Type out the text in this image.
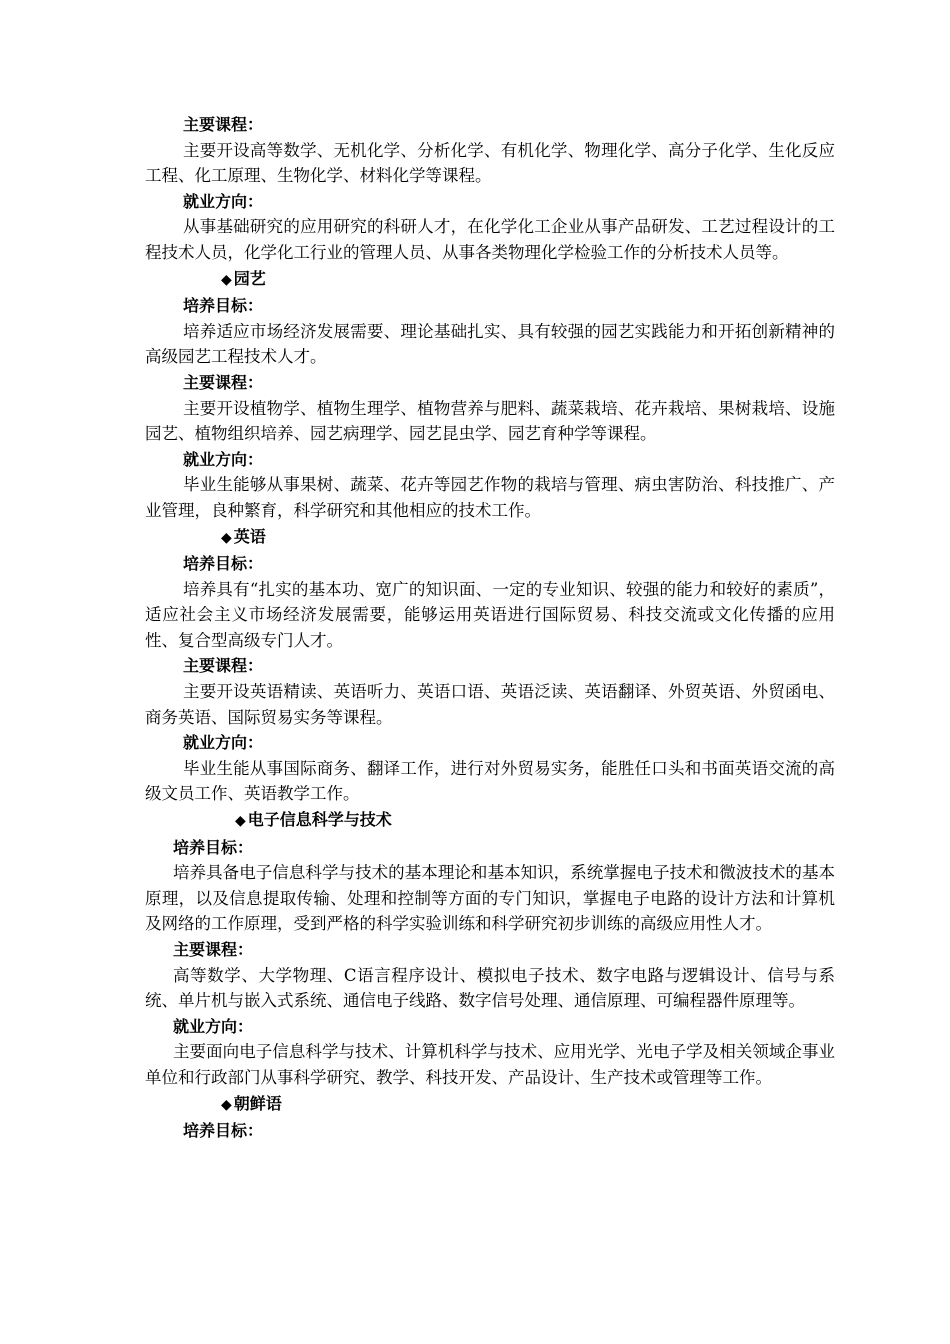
主要课程：

主要开设高等数学、无机化学、分析化学、有机化学、物理化学、高分子化学、生化反应工程、化工原理、生物化学、材料化学等课程。

就业方向：

从事基础研究的应用研究的科研人才，在化学化工企业从事产品研发、工艺过程设计的工程技术人员，化学化工行业的管理人员、从事各类物理化学检验工作的分析技术人员等。

◆ 园艺

培养目标：

培养适应市场经济发展需要、理论基础扎实、具有较强的园艺实践能力和开拓创新精神的高级园艺工程技术人才。

主要课程：

主要开设植物学、植物生理学、植物营养与肥料、蔬菜栽培、花卉栽培、果树栽培、设施园艺、植物组织培养、园艺病理学、园艺昆虫学、园艺育种学等课程。

就业方向：

毕业生能够从事果树、蔬菜、花卉等园艺作物的栽培与管理、病虫害防治、科技推广、产业管理，良种繁育，科学研究和其他相应的技术工作。

◆ 英语

培养目标：

培养具有“扎实的基本功、宽广的知识面、一定的专业知识、较强的能力和较好的素质”，适应社会主义市场经济发展需要，能够运用英语进行国际贸易、科技交流或文化传播的应用性、复合型高级专门人才。

主要课程：

主要开设英语精读、英语听力、英语口语、英语泛读、英语翻译、外贸英语、外贸函电、商务英语、国际贸易实务等课程。

就业方向：

毕业生能从事国际商务、翻译工作，进行对外贸易实务，能胜任口头和书面英语交流的高级文员工作、英语教学工作。

◆ 电子信息科学与技术

培养目标：

培养具备电子信息科学与技术的基本理论和基本知识，系统掌握电子技术和微波技术的基本原理，以及信息提取传输、处理和控制等方面的专门知识，掌握电子电路的设计方法和计算机及网络的工作原理，受到严格的科学实验训练和科学研究初步训练的高级应用性人才。

主要课程：

高等数学、大学物理、C语言程序设计、模拟电子技术、数字电路与逻辑设计、信号与系统、单片机与嵌入式系统、通信电子线路、数字信号处理、通信原理、可编程器件原理等。

就业方向：

主要面向电子信息科学与技术、计算机科学与技术、应用光学、光电子学及相关领域企事业单位和行政部门从事科学研究、教学、科技开发、产品设计、生产技术或管理等工作。

◆ 朝鲜语

培养目标：
